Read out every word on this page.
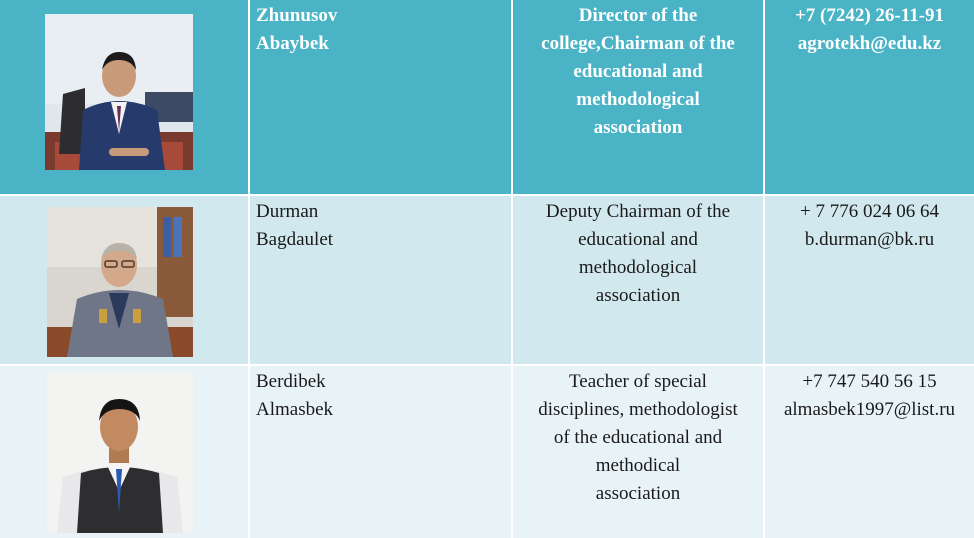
Zhunusov
Abaybek	Director of the
college,Chairman of the
educational and
methodological
association	+7 (7242) 26-11-91
agrotekh@edu.kz

Durman
Bagdaulet	Deputy Chairman of the
educational and
methodological
association	+ 7 776 024 06 64
b.durman@bk.ru

Berdibek
Almasbek	Teacher of special
disciplines, methodologist
of the educational and
methodical
association	+7 747 540 56 15
almasbek1997@list.ru
